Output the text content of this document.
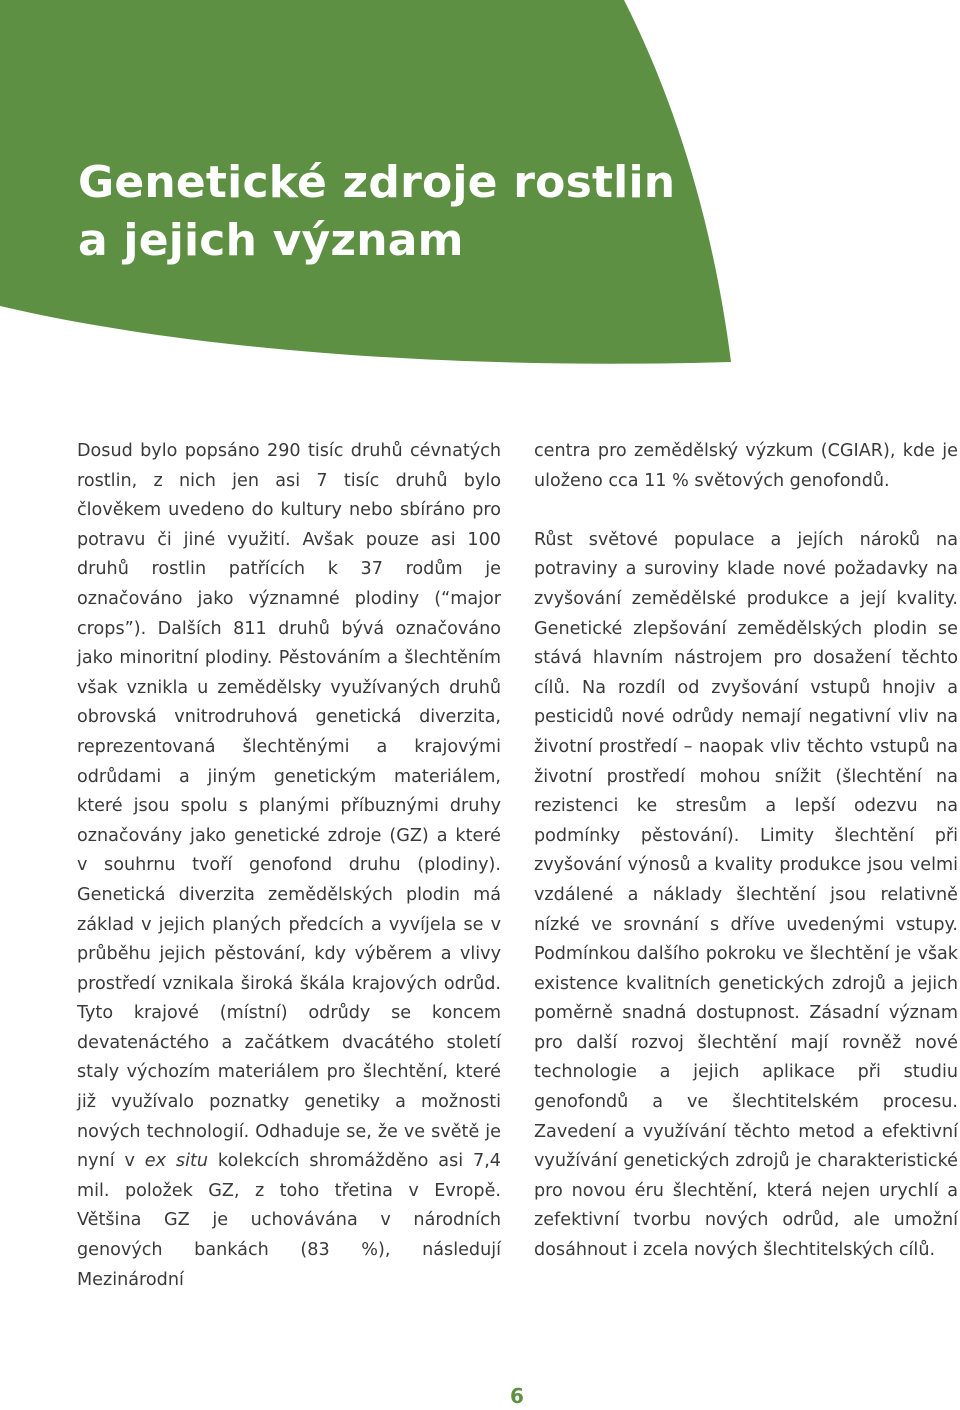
Genetické zdroje rostlin
a jejich význam

Dosud bylo popsáno 290 tisíc druhů cévnatých rostlin, z nich jen asi 7 tisíc druhů bylo člověkem uvedeno do kultury nebo sbíráno pro potravu či jiné využití. Avšak pouze asi 100 druhů rostlin patřících k 37 rodům je označováno jako významné plodiny (“major crops”). Dalších 811 druhů bývá označováno jako minoritní plodiny. Pěstováním a šlechtěním však vznikla u zemědělsky využívaných druhů obrovská vnitrodruhová genetická diverzita, reprezentovaná šlechtěnými a krajovými odrůdami a jiným genetickým materiálem, které jsou spolu s planými příbuznými druhy označovány jako genetické zdroje (GZ) a které v souhrnu tvoří genofond druhu (plodiny). Genetická diverzita zemědělských plodin má základ v jejich planých předcích a vyvíjela se v průběhu jejich pěstování, kdy výběrem a vlivy prostředí vznikala široká škála krajových odrůd. Tyto krajové (místní) odrůdy se koncem devatenáctého a začátkem dvacátého století staly výchozím materiálem pro šlechtění, které již využívalo poznatky genetiky a možnosti nových technologií. Odhaduje se, že ve světě je nyní v ex situ kolekcích shromážděno asi 7,4 mil. položek GZ, z toho třetina v Evropě. Většina GZ je uchovávána v národních genových bankách (83 %), následují Mezinárodní

centra pro zemědělský výzkum (CGIAR), kde je uloženo cca 11 % světových genofondů.

Růst světové populace a jejích nároků na potraviny a suroviny klade nové požadavky na zvyšování zemědělské produkce a její kvality. Genetické zlepšování zemědělských plodin se stává hlavním nástrojem pro dosažení těchto cílů. Na rozdíl od zvyšování vstupů hnojiv a pesticidů nové odrůdy nemají negativní vliv na životní prostředí – naopak vliv těchto vstupů na životní prostředí mohou snížit (šlechtění na rezistenci ke stresům a lepší odezvu na podmínky pěstování). Limity šlechtění při zvyšování výnosů a kvality produkce jsou velmi vzdálené a náklady šlechtění jsou relativně nízké ve srovnání s dříve uvedenými vstupy. Podmínkou dalšího pokroku ve šlechtění je však existence kvalitních genetických zdrojů a jejich poměrně snadná dostupnost. Zásadní význam pro další rozvoj šlechtění mají rovněž nové technologie a jejich aplikace při studiu genofondů a ve šlechtitelském procesu. Zavedení a využívání těchto metod a efektivní využívání genetických zdrojů je charakteristické pro novou éru šlechtění, která nejen urychlí a zefektivní tvorbu nových odrůd, ale umožní dosáhnout i zcela nových šlechtitelských cílů.

6
